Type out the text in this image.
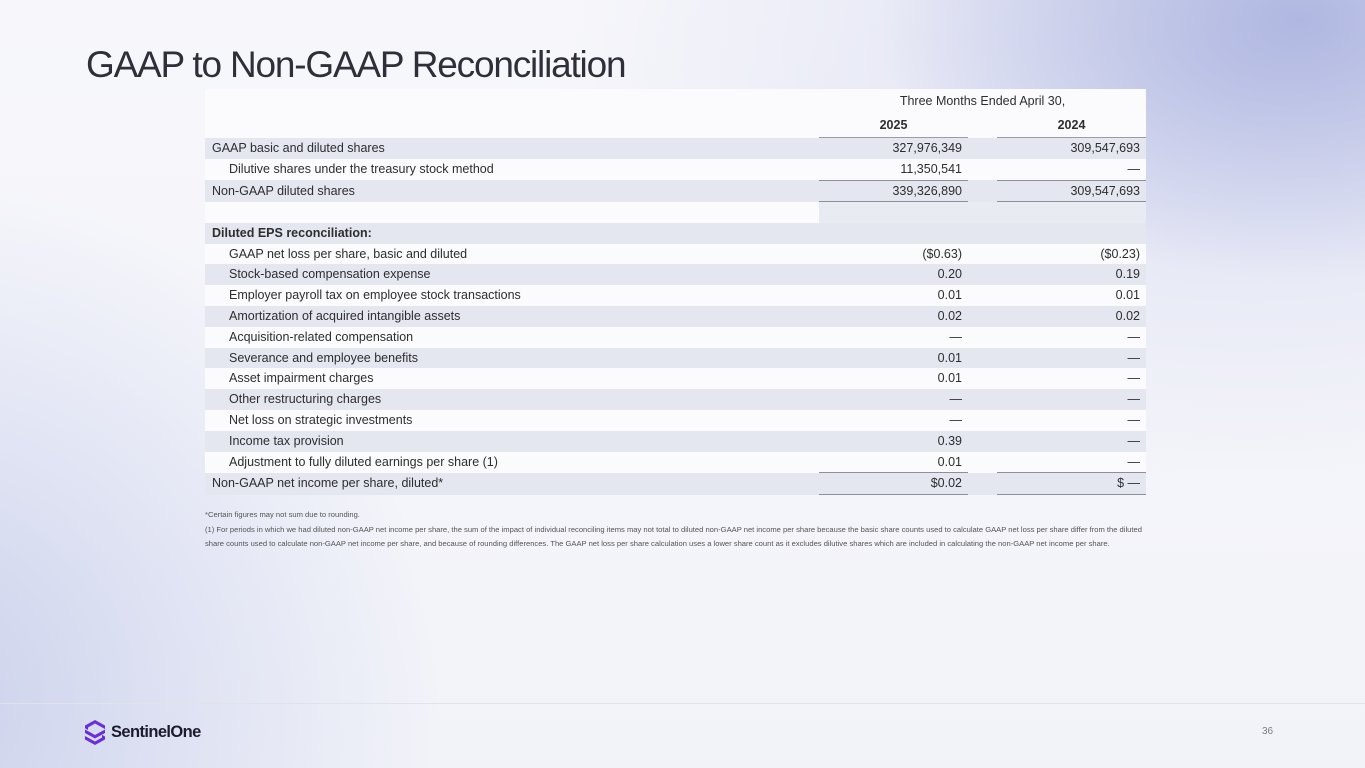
GAAP to Non-GAAP Reconciliation
	Three Months Ended April 30,		
	2025		2024
GAAP basic and diluted shares	327,976,349		309,547,693
Dilutive shares under the treasury stock method	11,350,541		—
Non-GAAP diluted shares	339,326,890		309,547,693

Diluted EPS reconciliation:			
GAAP net loss per share, basic and diluted	($0.63)		($0.23)
Stock-based compensation expense	0.20		0.19
Employer payroll tax on employee stock transactions	0.01		0.01
Amortization of acquired intangible assets	0.02		0.02
Acquisition-related compensation	—		—
Severance and employee benefits	0.01		—
Asset impairment charges	0.01		—
Other restructuring charges	—		—
Net loss on strategic investments	—		—
Income tax provision	0.39		—
Adjustment to fully diluted earnings per share (1)	0.01		—
Non-GAAP net income per share, diluted*	$0.02		$ —

*Certain figures may not sum due to rounding.

(1) For periods in which we had diluted non-GAAP net income per share, the sum of the impact of individual reconciling items may not total to diluted non-GAAP net income per share because the basic share counts used to calculate GAAP net loss per share differ from the diluted share counts used to calculate non-GAAP net income per share, and because of rounding differences. The GAAP net loss per share calculation uses a lower share count as it excludes dilutive shares which are included in calculating the non-GAAP net income per share.

SentinelOne	36
